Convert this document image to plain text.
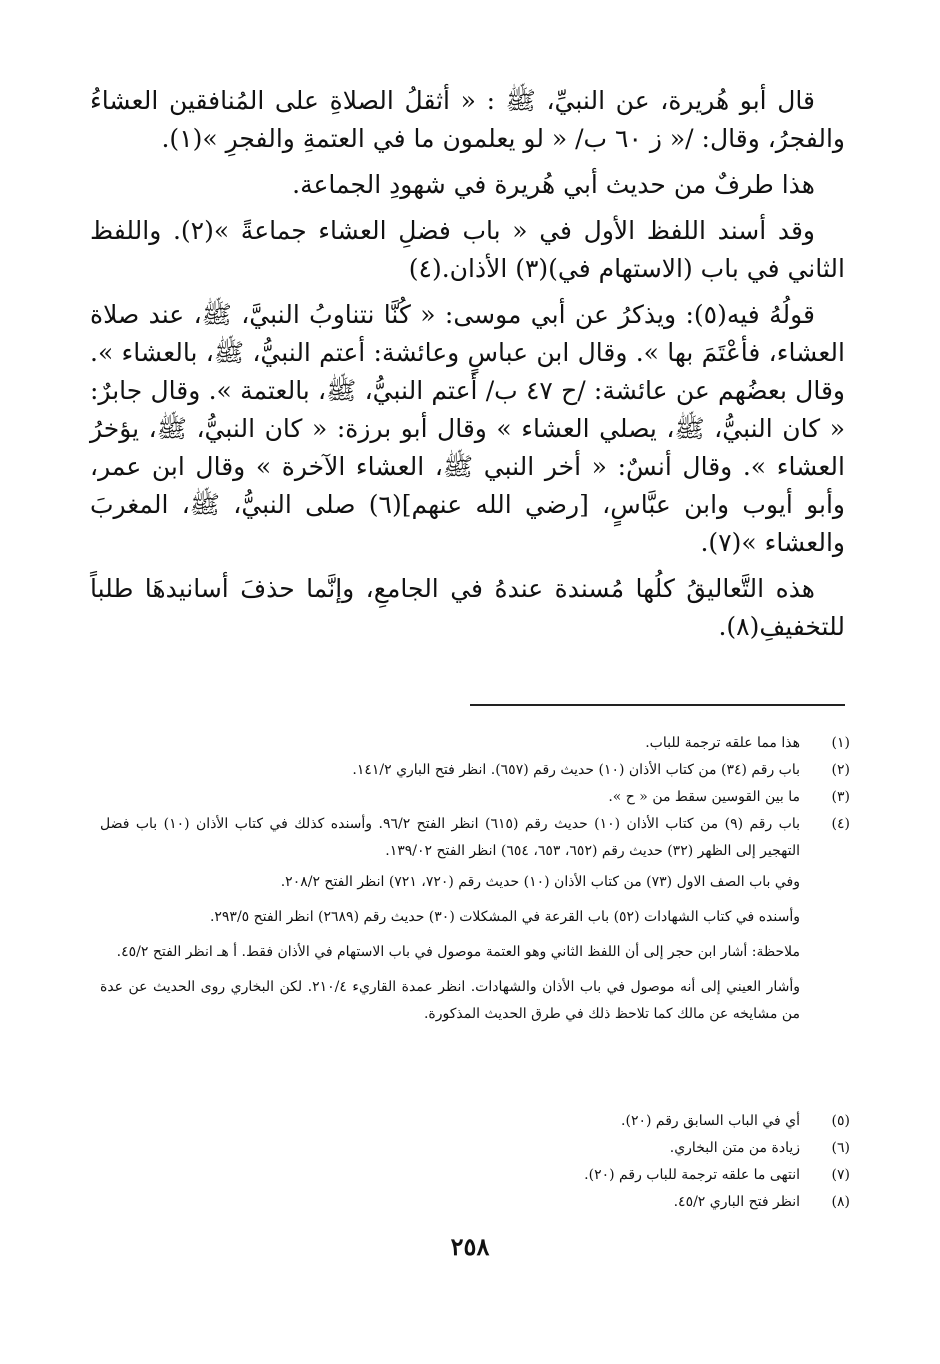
قال أبو هُريرة، عن النبيِّ، ﷺ : « أثقلُ الصلاةِ على المُنافقين العشاءُ والفجرُ، وقال: /« ز ٦٠ ب/ « لو يعلمون ما في العتمةِ والفجرِ »(١).

هذا طرفٌ من حديث أبي هُريرة في شهودِ الجماعة.

وقد أسند اللفظ الأول في « باب فضلِ العشاء جماعةً »(٢). واللفظ الثاني في باب (الاستهام في)(٣) الأذان.(٤)

قولُهُ فيه(٥): ويذكرُ عن أبي موسى: « كُنَّا نتناوبُ النبيَّ، ﷺ، عند صلاة العشاء، فأعْتَمَ بها ». وقال ابن عباسٍ وعائشة: أعتم النبيُّ، ﷺ، بالعشاء ». وقال بعضُهم عن عائشة: /ح ٤٧ ب/ أعتم النبيُّ، ﷺ، بالعتمة ». وقال جابرٌ: « كان النبيُّ، ﷺ، يصلي العشاء » وقال أبو برزة: « كان النبيُّ، ﷺ، يؤخرُ العشاء ». وقال أنسٌ: « أخر النبي ﷺ، العشاء الآخرة » وقال ابن عمر، وأبو أيوب وابن عبَّاسٍ، [رضي الله عنهم](٦) صلى النبيُّ، ﷺ، المغربَ والعشاء »(٧).

هذه التَّعاليقُ كلُها مُسندة عندهُ في الجامعِ، وإنَّما حذفَ أسانيدهَا طلباً للتخفيفِ(٨).

(١)
هذا مما علقه ترجمة للباب.
(٢)
باب رقم (٣٤) من كتاب الأذان (١٠) حديث رقم (٦٥٧). انظر فتح الباري ١٤١/٢.
(٣)
ما بين القوسين سقط من « ح ».
(٤)
باب رقم (٩) من كتاب الأذان (١٠) حديث رقم (٦١٥) انظر الفتح ٩٦/٢. وأسنده كذلك في كتاب الأذان (١٠) باب فضل التهجير إلى الظهر (٣٢) حديث رقم (٦٥٢، ٦٥٣، ٦٥٤) انظر الفتح ١٣٩/٠٢.
وفي باب الصف الاول (٧٣) من كتاب الأذان (١٠) حديث رقم (٧٢٠، ٧٢١) انظر الفتح ٢٠٨/٢.
وأسنده في كتاب الشهادات (٥٢) باب القرعة في المشكلات (٣٠) حديث رقم (٢٦٨٩) انظر الفتح ٢٩٣/٥.
ملاحظة: أشار ابن حجر إلى أن اللفظ الثاني وهو العتمة موصول في باب الاستهام في الأذان فقط. أ هـ انظر الفتح ٤٥/٢.
وأشار العيني إلى أنه موصول في باب الأذان والشهادات. انظر عمدة القاريء ٢١٠/٤. لكن البخاري روى الحديث عن عدة من مشايخه عن مالك كما تلاحظ ذلك في طرق الحديث المذكورة.
(٥)
أي في الباب السابق رقم (٢٠).
(٦)
زيادة من متن البخاري.
(٧)
انتهى ما علقه ترجمة للباب رقم (٢٠).
(٨)
انظر فتح الباري ٤٥/٢.
٢٥٨
